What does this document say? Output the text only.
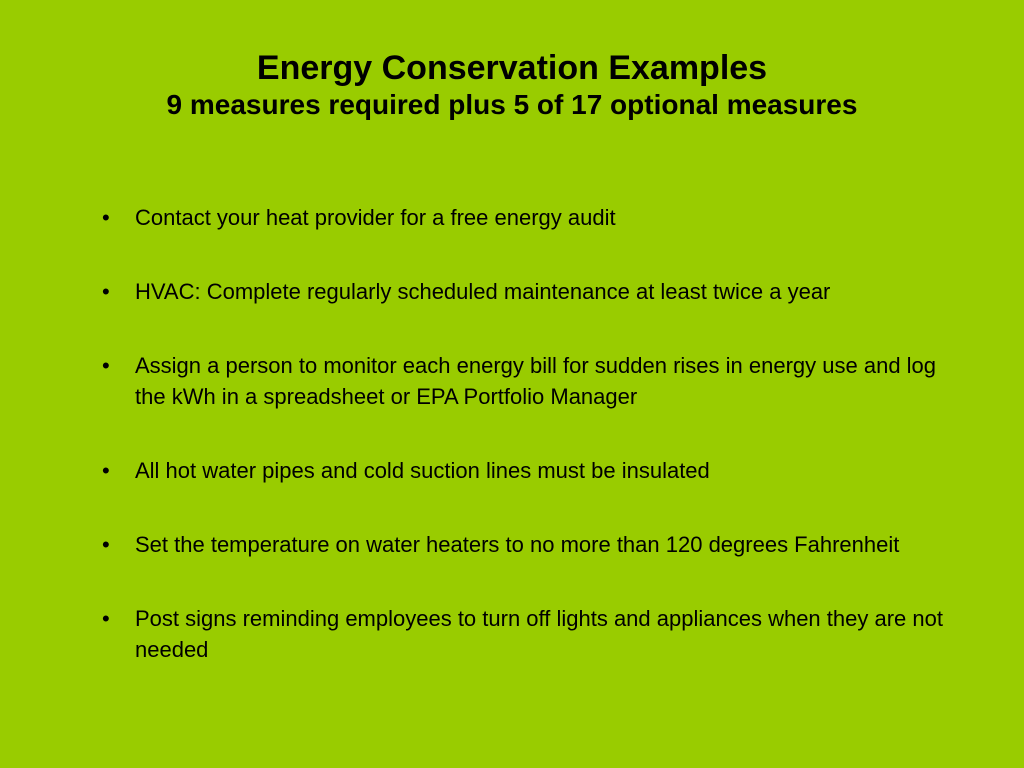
Energy Conservation Examples
9 measures required plus 5 of 17 optional measures
•	Contact your heat provider for a free energy audit
•	HVAC: Complete regularly scheduled maintenance at least twice a year
•	Assign a person to monitor each energy bill for sudden rises in energy use and log the kWh in a spreadsheet or EPA Portfolio Manager
•	All hot water pipes and cold suction lines must be insulated
•	Set the temperature on water heaters to no more than 120 degrees Fahrenheit
•	Post signs reminding employees to turn off lights and appliances when they are not needed
